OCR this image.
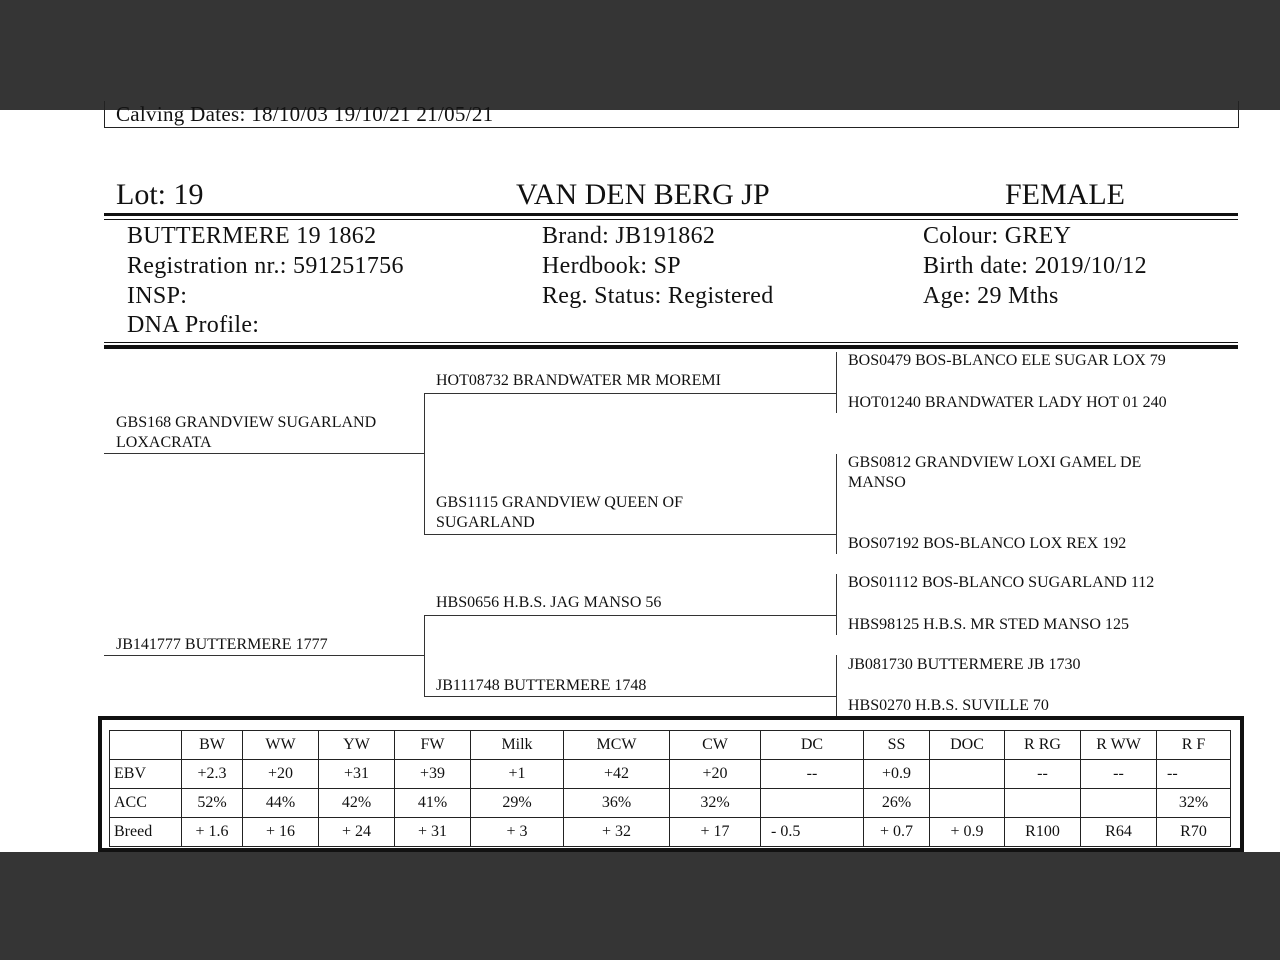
Calving Dates: 18/10/03 19/10/21 21/05/21
Lot: 19	VAN DEN BERG JP	FEMALE
BUTTERMERE 19 1862
Registration nr.: 591251756
INSP:
DNA Profile:
Brand: JB191862
Herdbook: SP
Reg. Status: Registered
Colour: GREY
Birth date: 2019/10/12
Age: 29 Mths
GBS168 GRANDVIEW SUGARLAND
LOXACRATA
JB141777 BUTTERMERE 1777
HOT08732 BRANDWATER MR MOREMI
GBS1115 GRANDVIEW QUEEN OF
SUGARLAND
HBS0656 H.B.S. JAG MANSO 56
JB111748 BUTTERMERE 1748
BOS0479 BOS-BLANCO ELE SUGAR LOX 79
HOT01240 BRANDWATER LADY HOT 01 240
GBS0812 GRANDVIEW LOXI GAMEL DE
MANSO
BOS07192 BOS-BLANCO LOX REX 192
BOS01112 BOS-BLANCO SUGARLAND 112
HBS98125 H.B.S. MR STED MANSO 125
JB081730 BUTTERMERE JB 1730
HBS0270 H.B.S. SUVILLE 70
	BW	WW	YW	FW	Milk	MCW	CW	DC	SS	DOC	R RG	R WW	R F
EBV	+2.3	+20	+31	+39	+1	+42	+20	--	+0.9		--	--	--
ACC	52%	44%	42%	41%	29%	36%	32%		26%				32%
Breed	+ 1.6	+ 16	+ 24	+ 31	+ 3	+ 32	+ 17	- 0.5	+ 0.7	+ 0.9	R100	R64	R70
